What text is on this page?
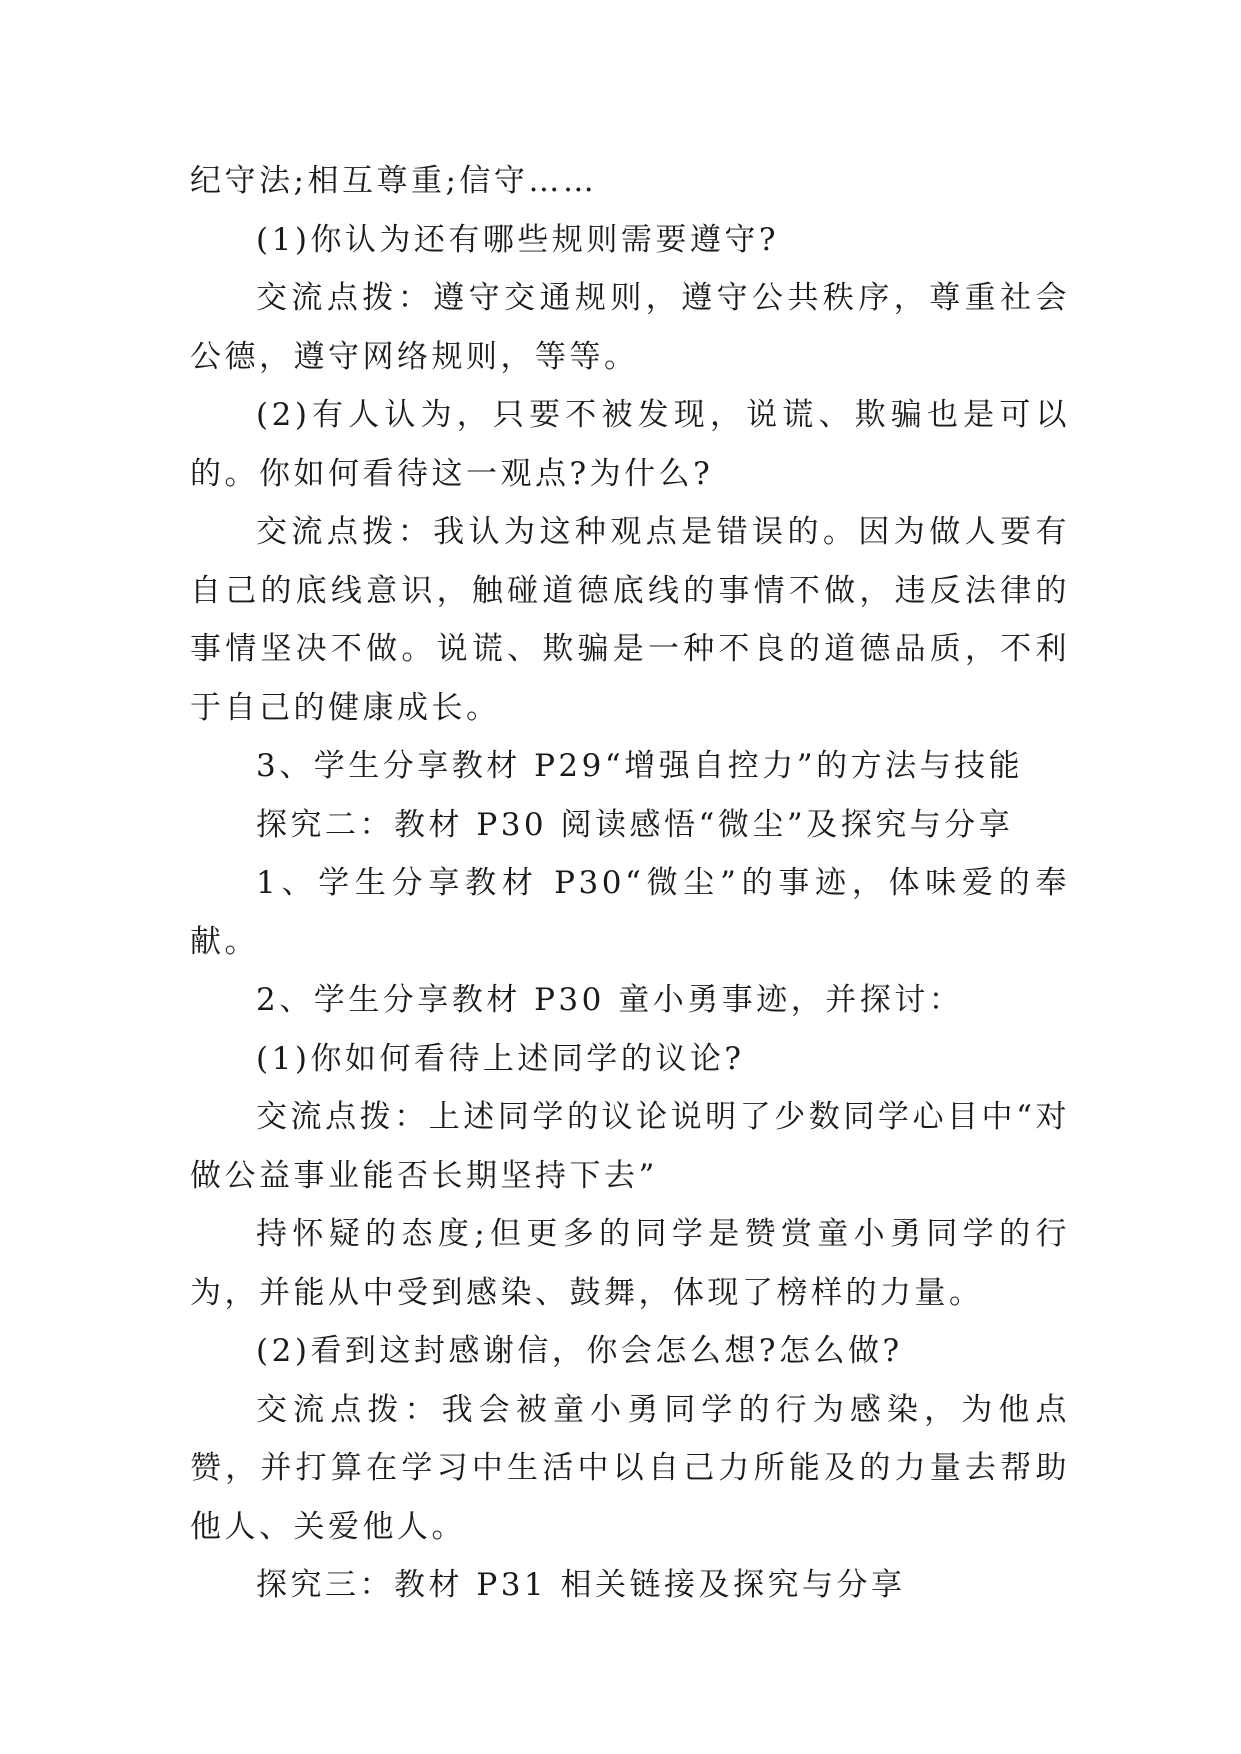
纪守法;相互尊重;信守……

(1)你认为还有哪些规则需要遵守?

交流点拨：遵守交通规则，遵守公共秩序，尊重社会公德，遵守网络规则，等等。

(2)有人认为，只要不被发现，说谎、欺骗也是可以的。你如何看待这一观点?为什么?

交流点拨：我认为这种观点是错误的。因为做人要有自己的底线意识，触碰道德底线的事情不做，违反法律的事情坚决不做。说谎、欺骗是一种不良的道德品质，不利于自己的健康成长。

3、学生分享教材 P29“增强自控力”的方法与技能

探究二：教材 P30 阅读感悟“微尘”及探究与分享

1、学生分享教材 P30“微尘”的事迹，体味爱的奉献。

2、学生分享教材 P30 童小勇事迹，并探讨：

(1)你如何看待上述同学的议论?

交流点拨：上述同学的议论说明了少数同学心目中“对做公益事业能否长期坚持下去”

持怀疑的态度;但更多的同学是赞赏童小勇同学的行为，并能从中受到感染、鼓舞，体现了榜样的力量。

(2)看到这封感谢信，你会怎么想?怎么做?

交流点拨：我会被童小勇同学的行为感染，为他点赞，并打算在学习中生活中以自己力所能及的力量去帮助他人、关爱他人。

探究三：教材 P31 相关链接及探究与分享
